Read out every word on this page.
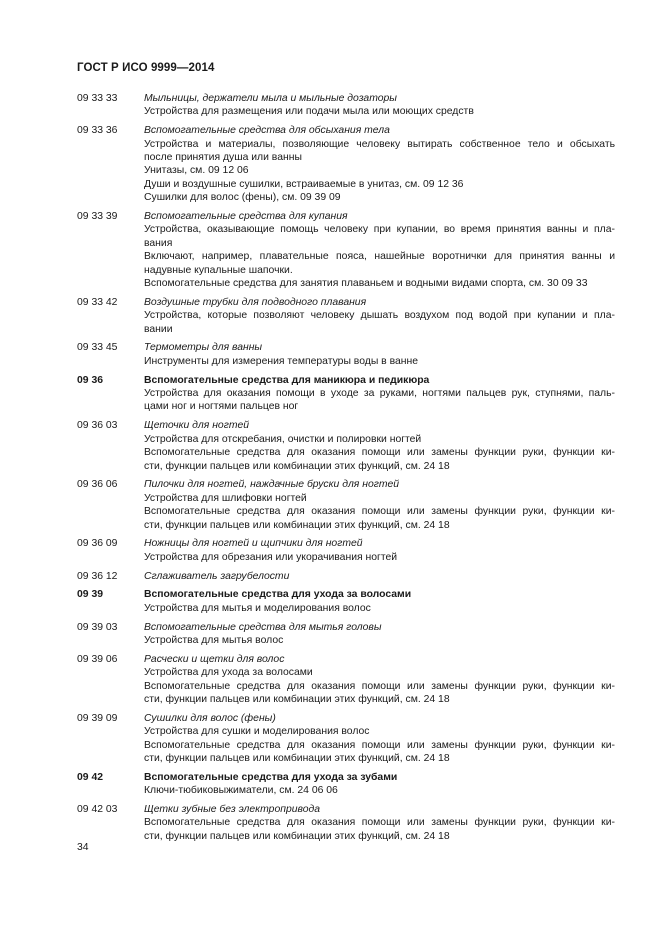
ГОСТ Р ИСО 9999—2014
09 33 33	Мыльницы, держатели мыла и мыльные дозаторы
Устройства для размещения или подачи мыла или моющих средств
09 33 36	Вспомогательные средства для обсыхания тела
Устройства и материалы, позволяющие человеку вытирать собственное тело и обсыхать
после принятия душа или ванны
Унитазы, см. 09 12 06
Души и воздушные сушилки, встраиваемые в унитаз, см. 09 12 36
Сушилки для волос (фены), см. 09 39 09
09 33 39	Вспомогательные средства для купания
Устройства, оказывающие помощь человеку при купании, во время принятия ванны и пла-
вания
Включают, например, плавательные пояса, нашейные воротнички для принятия ванны и
надувные купальные шапочки.
Вспомогательные средства для занятия плаваньем и водными видами спорта, см. 30 09 33
09 33 42	Воздушные трубки для подводного плавания
Устройства, которые позволяют человеку дышать воздухом под водой при купании и пла-
вании
09 33 45	Термометры для ванны
Инструменты для измерения температуры воды в ванне
09 36	Вспомогательные средства для маникюра и педикюра
Устройства для оказания помощи в уходе за руками, ногтями пальцев рук, ступнями, паль-
цами ног и ногтями пальцев ног
09 36 03	Щеточки для ногтей
Устройства для отскребания, очистки и полировки ногтей
Вспомогательные средства для оказания помощи или замены функции руки, функции ки-
сти, функции пальцев или комбинации этих функций, см. 24 18
09 36 06	Пилочки для ногтей, наждачные бруски для ногтей
Устройства для шлифовки ногтей
Вспомогательные средства для оказания помощи или замены функции руки, функции ки-
сти, функции пальцев или комбинации этих функций, см. 24 18
09 36 09	Ножницы для ногтей и щипчики для ногтей
Устройства для обрезания или укорачивания ногтей
09 36 12	Сглаживатель загрубелости
09 39	Вспомогательные средства для ухода за волосами
Устройства для мытья и моделирования волос
09 39 03	Вспомогательные средства для мытья головы
Устройства для мытья волос
09 39 06	Расчески и щетки для волос
Устройства для ухода за волосами
Вспомогательные средства для оказания помощи или замены функции руки, функции ки-
сти, функции пальцев или комбинации этих функций, см. 24 18
09 39 09	Сушилки для волос (фены)
Устройства для сушки и моделирования волос
Вспомогательные средства для оказания помощи или замены функции руки, функции ки-
сти, функции пальцев или комбинации этих функций, см. 24 18
09 42	Вспомогательные средства для ухода за зубами
Ключи-тюбиковыжиматели, см. 24 06 06
09 42 03	Щетки зубные без электропривода
Вспомогательные средства для оказания помощи или замены функции руки, функции ки-
сти, функции пальцев или комбинации этих функций, см. 24 18
34
